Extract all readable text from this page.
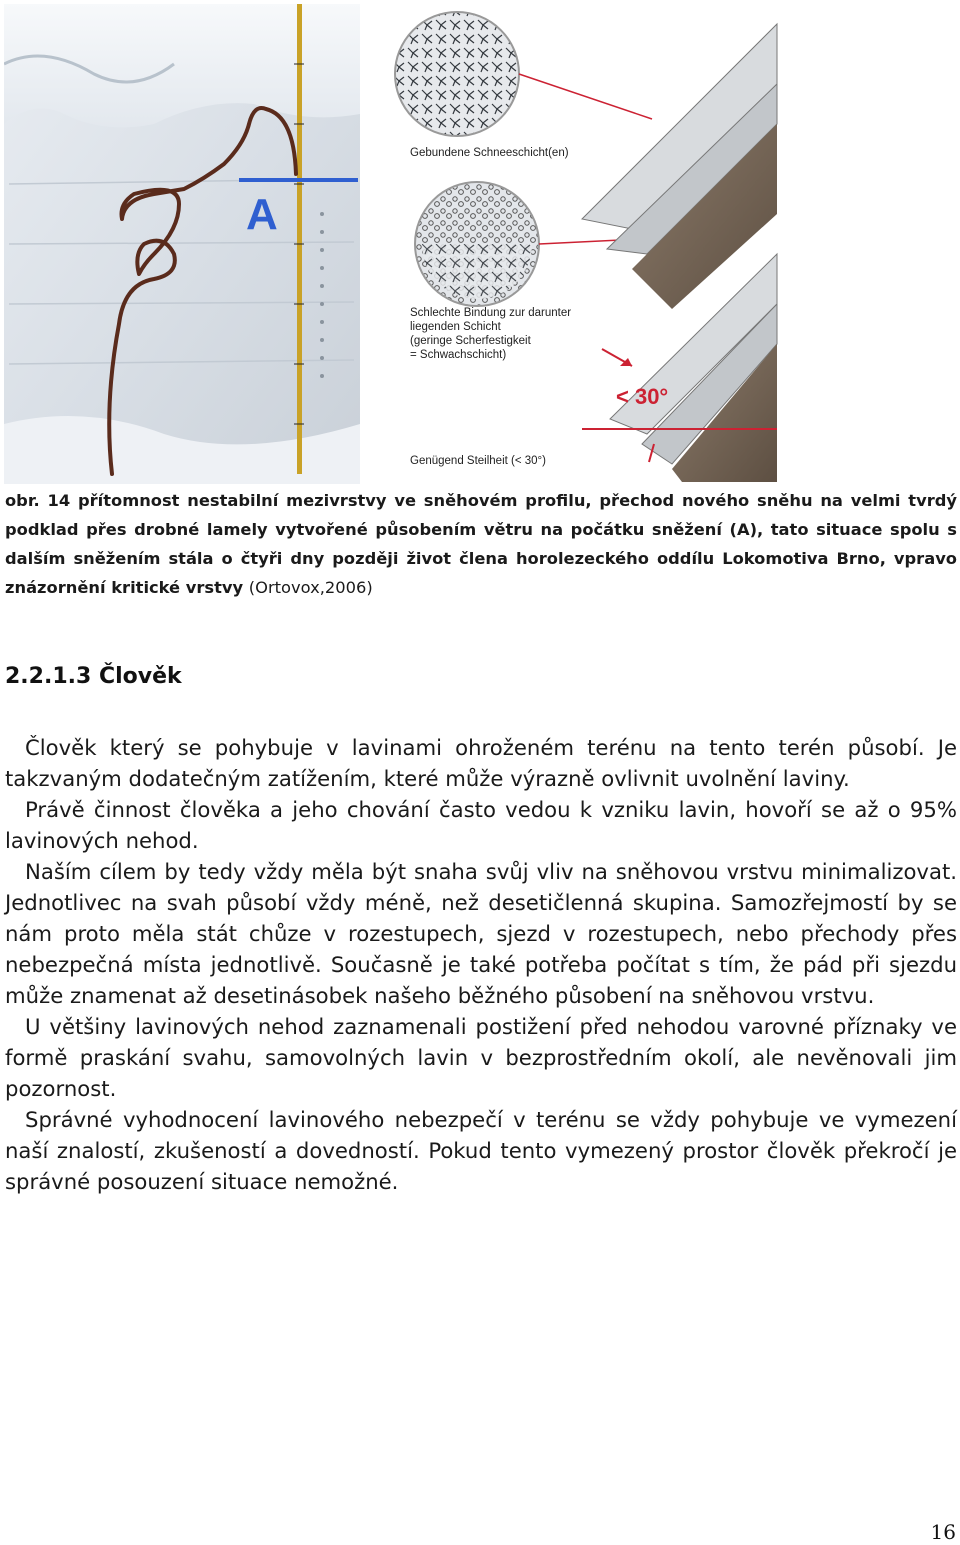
A
Gebundene Schneeschicht(en)
Schlechte Bindung zur darunter
liegenden Schicht
(geringe Scherfestigkeit
= Schwachschicht)
< 30°
Genügend Steilheit (< 30°)
obr. 14 přítomnost nestabilní mezivrstvy ve sněhovém profilu, přechod nového sněhu na velmi tvrdý podklad přes drobné lamely vytvořené působením větru na počátku sněžení (A), tato situace spolu s dalším sněžením stála o čtyři dny později život člena horolezeckého oddílu Lokomotiva Brno, vpravo znázornění kritické vrstvy (Ortovox,2006)
2.2.1.3 Člověk

Člověk který se pohybuje v lavinami ohroženém terénu na tento terén působí. Je takzvaným dodatečným zatížením, které může výrazně ovlivnit uvolnění laviny.

Právě činnost člověka a jeho chování často vedou k vzniku lavin, hovoří se až o 95% lavinových nehod.

Naším cílem by tedy vždy měla být snaha svůj vliv na sněhovou vrstvu minimalizovat. Jednotlivec na svah působí vždy méně, než desetičlenná skupina. Samozřejmostí by se nám proto měla stát chůze v rozestupech, sjezd v rozestupech, nebo přechody přes nebezpečná místa jednotlivě. Současně je také potřeba počítat s tím, že pád při sjezdu může znamenat až desetinásobek našeho běžného působení na sněhovou vrstvu.

U většiny lavinových nehod zaznamenali postižení před nehodou varovné příznaky ve formě praskání svahu, samovolných lavin v bezprostředním okolí, ale nevěnovali jim pozornost.

Správné vyhodnocení lavinového nebezpečí v terénu se vždy pohybuje ve vymezení naší znalostí, zkušeností a dovedností. Pokud tento vymezený prostor člověk překročí je správné posouzení situace nemožné.

16
